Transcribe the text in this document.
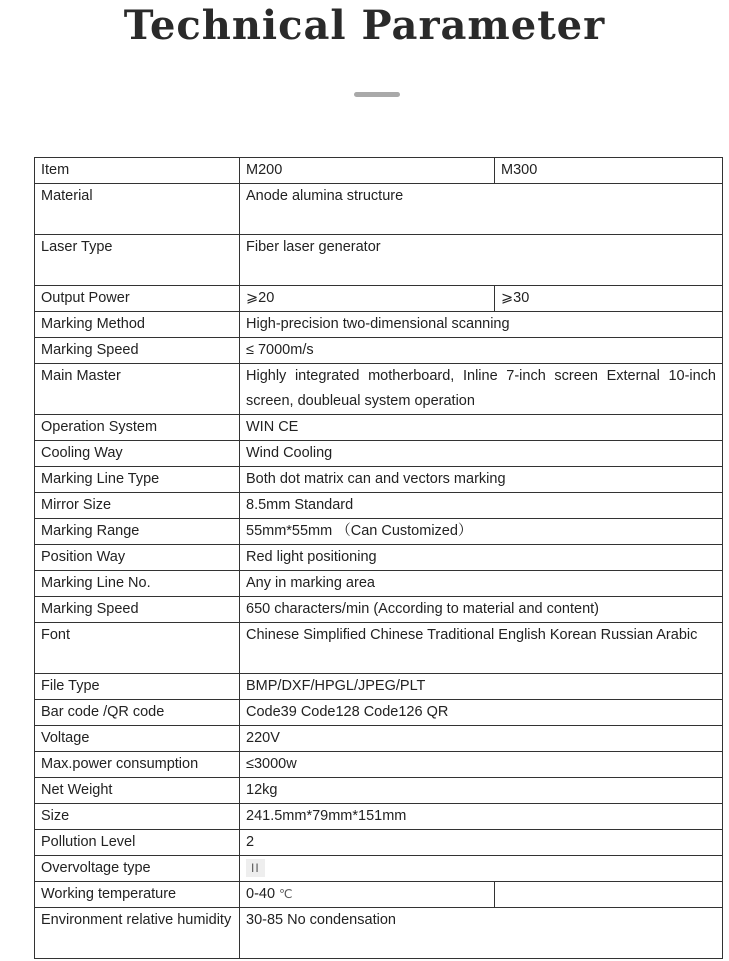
Technical Parameter
Item	M200	M300
Material	Anode alumina structure	
Laser Type	Fiber laser generator	
Output Power	⩾20	⩾30
Marking Method	High-precision two-dimensional scanning	
Marking Speed	≤ 7000m/s	
Main Master	Highly integrated motherboard, Inline 7-inch screen External 10-inch screen, doubleual system operation	
Operation System	WIN CE	
Cooling Way	Wind Cooling	
Marking Line Type	Both dot matrix can and vectors marking	
Mirror Size	8.5mm Standard	
Marking Range	55mm*55mm （Can Customized）	
Position Way	Red light positioning	
Marking Line No.	Any in marking area	
Marking Speed	650 characters/min (According to material and content)	
Font	Chinese Simplified Chinese Traditional English Korean Russian Arabic	
File Type	BMP/DXF/HPGL/JPEG/PLT	
Bar code /QR code	Code39 Code128 Code126 QR	
Voltage	220V	
Max.power consumption	≤3000w	
Net Weight	12kg	
Size	241.5mm*79mm*151mm	
Pollution Level	2	
Overvoltage type	II	
Working temperature	0-40 ℃	
Environment relative humidity	30-85 No condensation	
